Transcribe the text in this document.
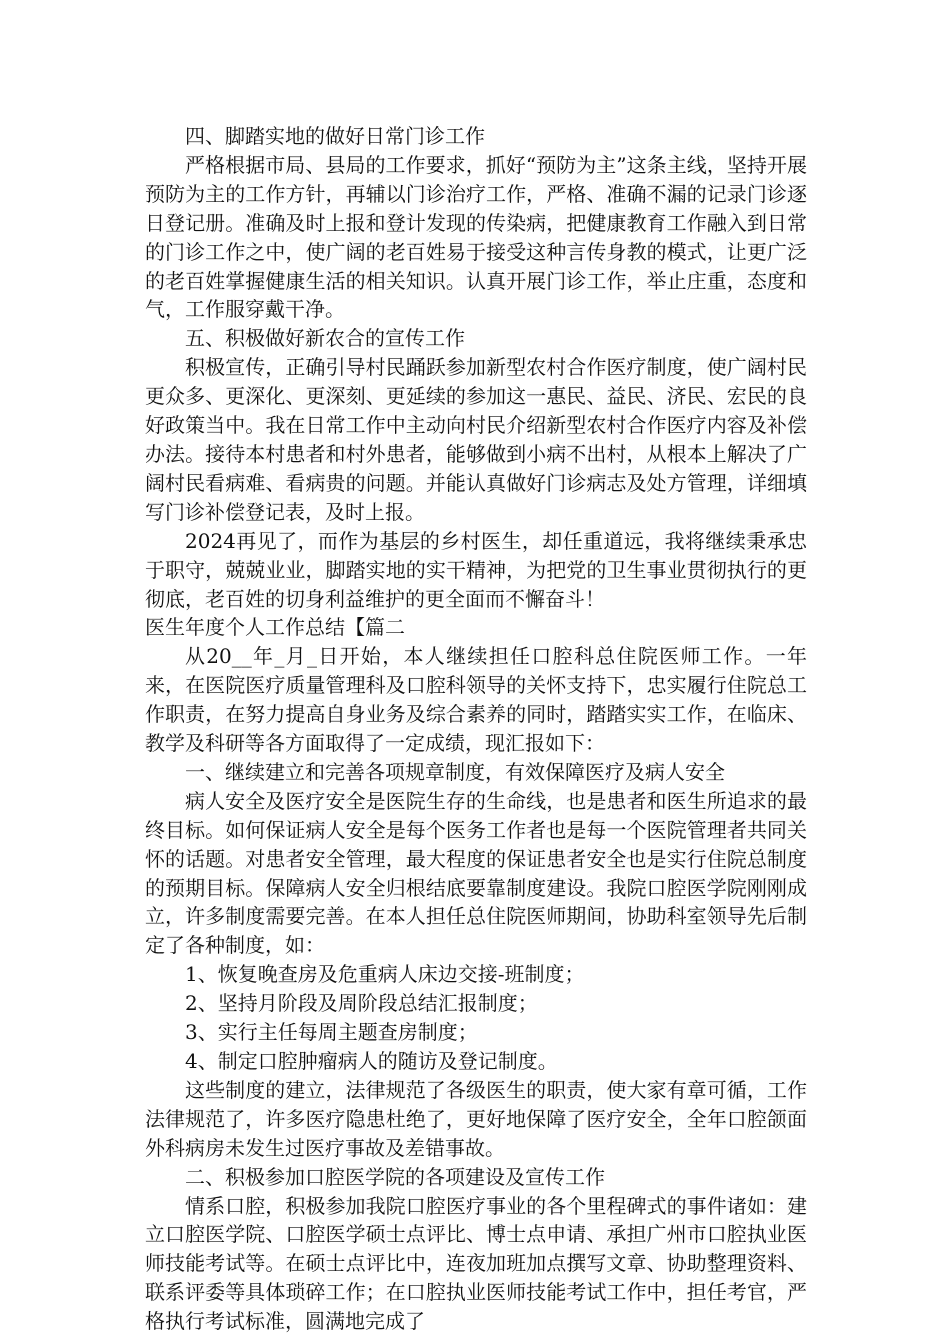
四、脚踏实地的做好日常门诊工作

严格根据市局、县局的工作要求，抓好“预防为主”这条主线，坚持开展预防为主的工作方针，再辅以门诊治疗工作，严格、准确不漏的记录门诊逐日登记册。准确及时上报和登计发现的传染病，把健康教育工作融入到日常的门诊工作之中，使广阔的老百姓易于接受这种言传身教的模式，让更广泛的老百姓掌握健康生活的相关知识。认真开展门诊工作，举止庄重，态度和气，工作服穿戴干净。

五、积极做好新农合的宣传工作

积极宣传，正确引导村民踊跃参加新型农村合作医疗制度，使广阔村民更众多、更深化、更深刻、更延续的参加这一惠民、益民、济民、宏民的良好政策当中。我在日常工作中主动向村民介绍新型农村合作医疗内容及补偿办法。接待本村患者和村外患者，能够做到小病不出村，从根本上解决了广阔村民看病难、看病贵的问题。并能认真做好门诊病志及处方管理，详细填写门诊补偿登记表，及时上报。

2024再见了，而作为基层的乡村医生，却任重道远，我将继续秉承忠于职守，兢兢业业，脚踏实地的实干精神，为把党的卫生事业贯彻执行的更彻底，老百姓的切身利益维护的更全面而不懈奋斗！

医生年度个人工作总结【篇二

从20__年_月_日开始，本人继续担任口腔科总住院医师工作。一年来，在医院医疗质量管理科及口腔科领导的关怀支持下，忠实履行住院总工作职责，在努力提高自身业务及综合素养的同时，踏踏实实工作，在临床、教学及科研等各方面取得了一定成绩，现汇报如下：

一、继续建立和完善各项规章制度，有效保障医疗及病人安全

病人安全及医疗安全是医院生存的生命线，也是患者和医生所追求的最终目标。如何保证病人安全是每个医务工作者也是每一个医院管理者共同关怀的话题。对患者安全管理，最大程度的保证患者安全也是实行住院总制度的预期目标。保障病人安全归根结底要靠制度建设。我院口腔医学院刚刚成立，许多制度需要完善。在本人担任总住院医师期间，协助科室领导先后制定了各种制度，如：

1、恢复晚查房及危重病人床边交接-班制度；

2、坚持月阶段及周阶段总结汇报制度；

3、实行主任每周主题查房制度；

4、制定口腔肿瘤病人的随访及登记制度。

这些制度的建立，法律规范了各级医生的职责，使大家有章可循，工作法律规范了，许多医疗隐患杜绝了，更好地保障了医疗安全，全年口腔颌面外科病房未发生过医疗事故及差错事故。

二、积极参加口腔医学院的各项建设及宣传工作

情系口腔，积极参加我院口腔医疗事业的各个里程碑式的事件诸如：建立口腔医学院、口腔医学硕士点评比、博士点申请、承担广州市口腔执业医师技能考试等。在硕士点评比中，连夜加班加点撰写文章、协助整理资料、联系评委等具体琐碎工作；在口腔执业医师技能考试工作中，担任考官，严格执行考试标准，圆满地完成了
